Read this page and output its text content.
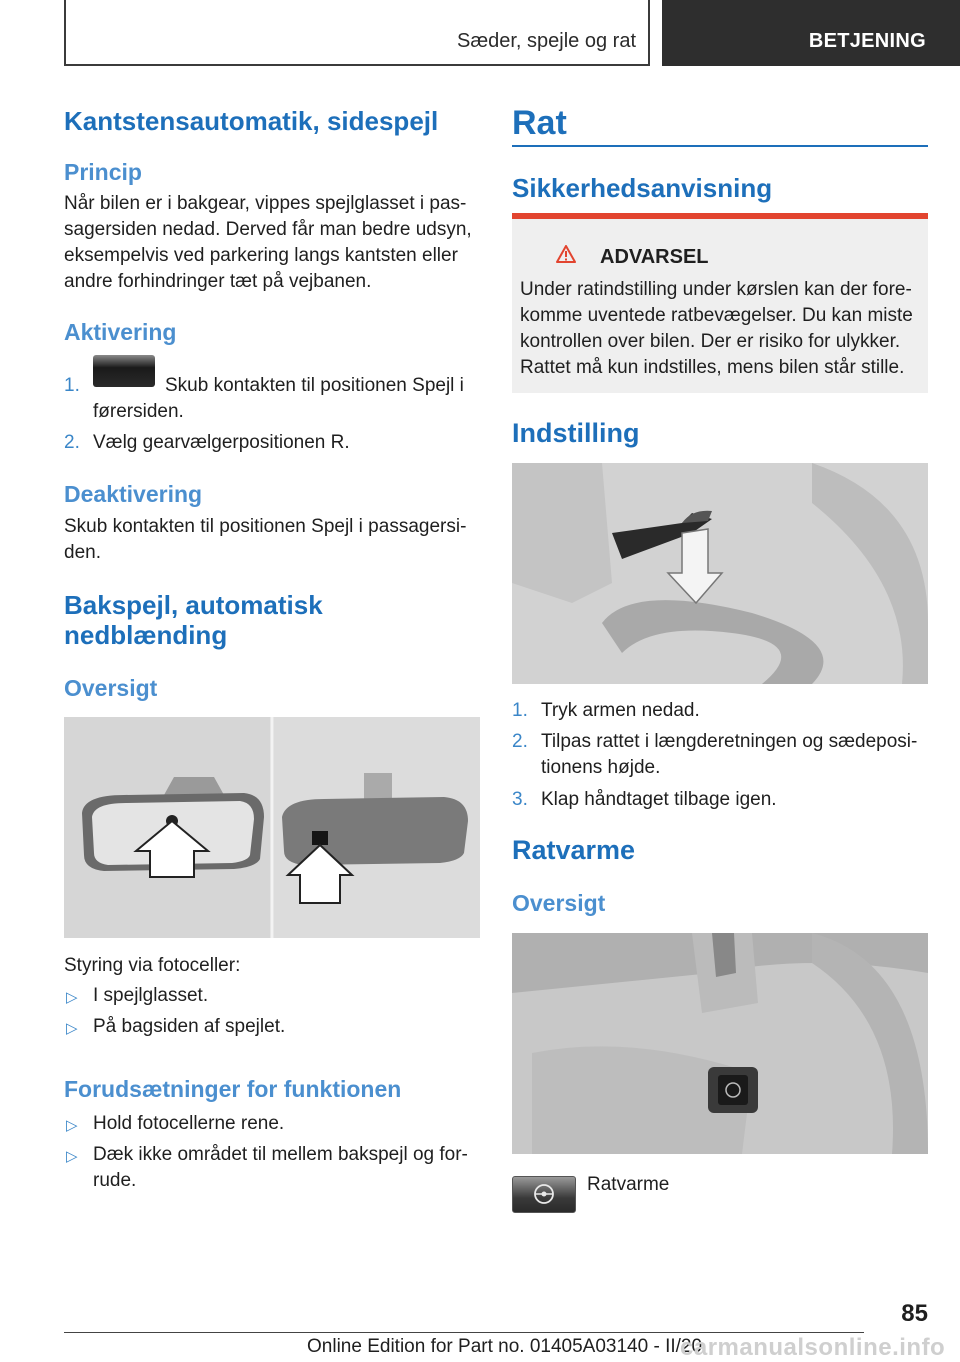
Sæder, spejle og rat	BETJENING
Kantstensautomatik, sidespejl
Princip
Når bilen er i bakgear, vippes spejlglasset i pas-
sagersiden nedad. Derved får man bedre udsyn,
eksempelvis ved parkering langs kantsten eller
andre forhindringer tæt på vejbanen.
Aktivering
1.	Skub kontakten til positionen Spejl i
førersiden.
2. Vælg gearvælgerpositionen R.
Deaktivering
Skub kontakten til positionen Spejl i passagersi-
den.
Bakspejl, automatisk
nedblænding
Oversigt
Styring via fotoceller:
▷ I spejlglasset.
▷ På bagsiden af spejlet.
Forudsætninger for funktionen
▷ Hold fotocellerne rene.
▷ Dæk ikke området til mellem bakspejl og for-
rude.
Rat
Sikkerhedsanvisning
ADVARSEL
Under ratindstilling under kørslen kan der fore-
komme uventede ratbevægelser. Du kan miste
kontrollen over bilen. Der er risiko for ulykker.
Rattet må kun indstilles, mens bilen står stille.
Indstilling
1. Tryk armen nedad.
2. Tilpas rattet i længderetningen og sædeposi-
tionens højde.
3. Klap håndtaget tilbage igen.
Ratvarme
Oversigt
Ratvarme
85
Online Edition for Part no. 01405A03140 - II/20
carmanualsonline.info
